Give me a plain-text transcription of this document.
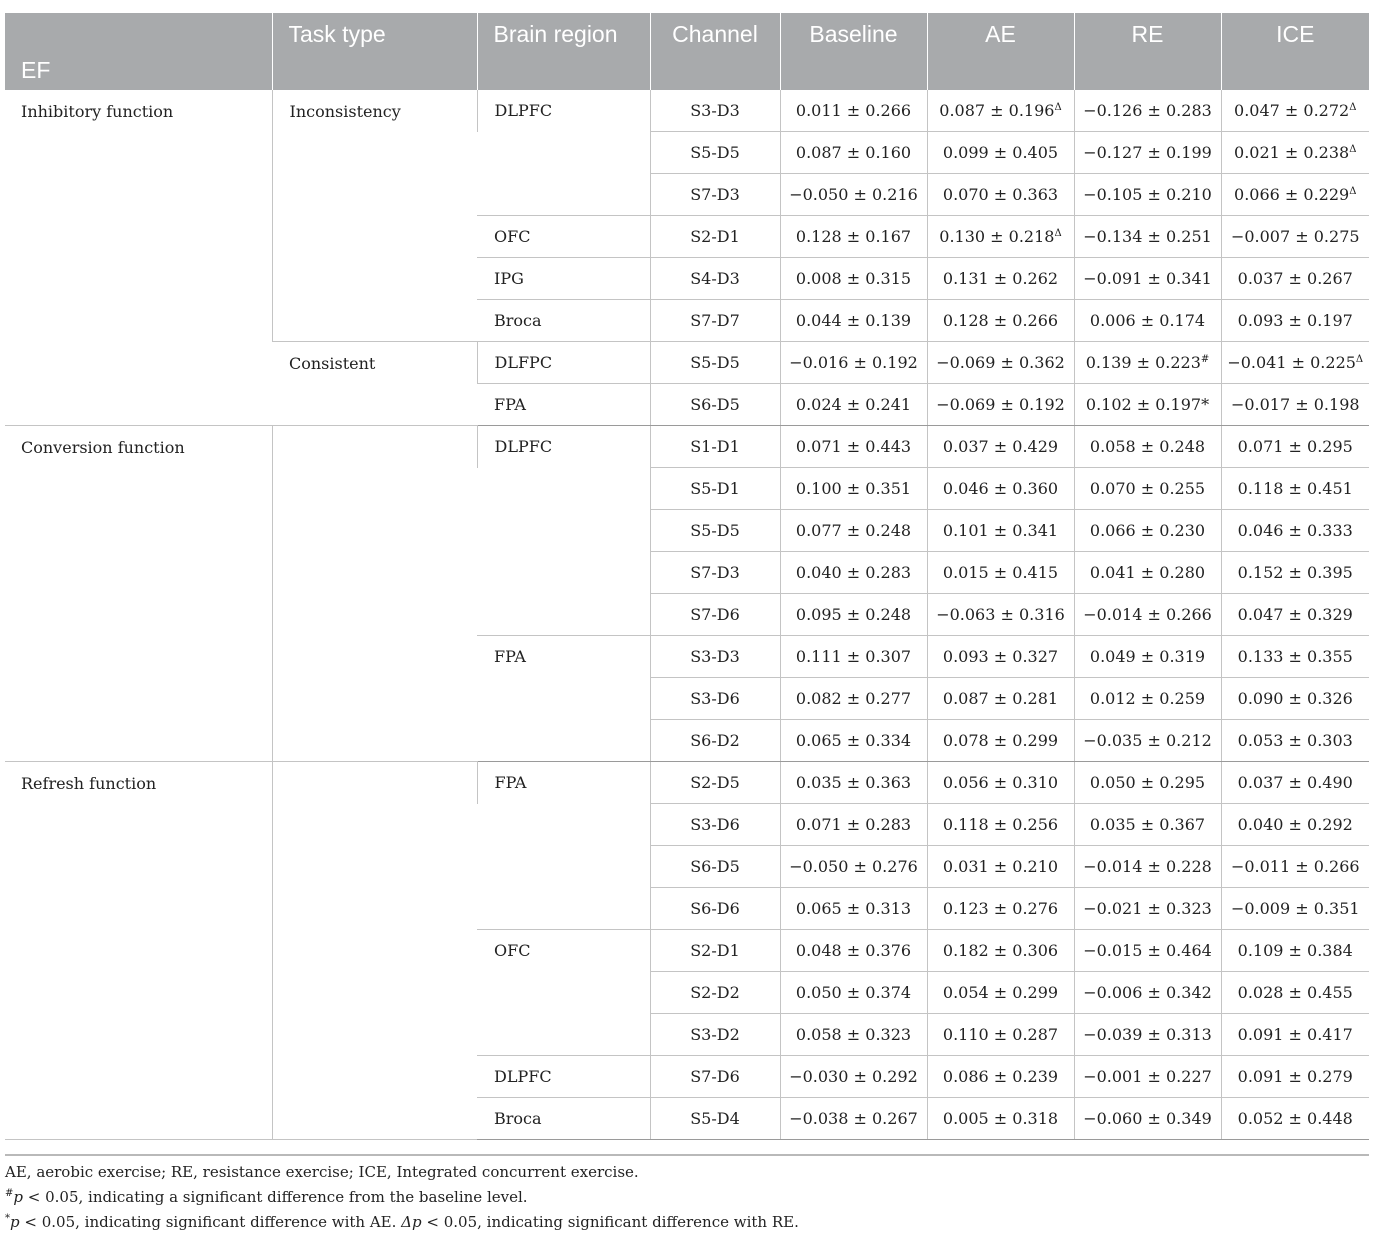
EF	Task type	Brain region	Channel	Baseline	AE	RE	ICE

Inhibitory function	Inconsistency	DLPFC	S3-D3	0.011 ± 0.266	$0.087 \pm 0.196^\Delta$	−0.126 ± 0.283	$0.047 \pm 0.272^\Delta$
			S5-D5	0.087 ± 0.160	0.099 ± 0.405	−0.127 ± 0.199	$0.021 \pm 0.238^\Delta$
			S7-D3	−0.050 ± 0.216	0.070 ± 0.363	−0.105 ± 0.210	$0.066 \pm 0.229^\Delta$
		OFC	S2-D1	0.128 ± 0.167	$0.130 \pm 0.218^\Delta$	−0.134 ± 0.251	−0.007 ± 0.275
		IPG	S4-D3	0.008 ± 0.315	0.131 ± 0.262	−0.091 ± 0.341	0.037 ± 0.267
		Broca	S7-D7	0.044 ± 0.139	0.128 ± 0.266	0.006 ± 0.174	0.093 ± 0.197
	Consistent	DLFPC	S5-D5	−0.016 ± 0.192	−0.069 ± 0.362	0.139 ± 0.223#	$-0.041 \pm 0.225^\Delta$
		FPA	S6-D5	0.024 ± 0.241	−0.069 ± 0.192	0.102 ± 0.197*	−0.017 ± 0.198
Conversion function		DLPFC	S1-D1	0.071 ± 0.443	0.037 ± 0.429	0.058 ± 0.248	0.071 ± 0.295
			S5-D1	0.100 ± 0.351	0.046 ± 0.360	0.070 ± 0.255	0.118 ± 0.451
			S5-D5	0.077 ± 0.248	0.101 ± 0.341	0.066 ± 0.230	0.046 ± 0.333
			S7-D3	0.040 ± 0.283	0.015 ± 0.415	0.041 ± 0.280	0.152 ± 0.395
			S7-D6	0.095 ± 0.248	−0.063 ± 0.316	−0.014 ± 0.266	0.047 ± 0.329
		FPA	S3-D3	0.111 ± 0.307	0.093 ± 0.327	0.049 ± 0.319	0.133 ± 0.355
			S3-D6	0.082 ± 0.277	0.087 ± 0.281	0.012 ± 0.259	0.090 ± 0.326
			S6-D2	0.065 ± 0.334	0.078 ± 0.299	−0.035 ± 0.212	0.053 ± 0.303
Refresh function		FPA	S2-D5	0.035 ± 0.363	0.056 ± 0.310	0.050 ± 0.295	0.037 ± 0.490
			S3-D6	0.071 ± 0.283	0.118 ± 0.256	0.035 ± 0.367	0.040 ± 0.292
			S6-D5	−0.050 ± 0.276	0.031 ± 0.210	−0.014 ± 0.228	−0.011 ± 0.266
			S6-D6	0.065 ± 0.313	0.123 ± 0.276	−0.021 ± 0.323	−0.009 ± 0.351
		OFC	S2-D1	0.048 ± 0.376	0.182 ± 0.306	−0.015 ± 0.464	0.109 ± 0.384
			S2-D2	0.050 ± 0.374	0.054 ± 0.299	−0.006 ± 0.342	0.028 ± 0.455
			S3-D2	0.058 ± 0.323	0.110 ± 0.287	−0.039 ± 0.313	0.091 ± 0.417
		DLPFC	S7-D6	−0.030 ± 0.292	0.086 ± 0.239	−0.001 ± 0.227	0.091 ± 0.279
		Broca	S5-D4	−0.038 ± 0.267	0.005 ± 0.318	−0.060 ± 0.349	0.052 ± 0.448
AE, aerobic exercise; RE, resistance exercise; ICE, Integrated concurrent exercise.
#p < 0.05, indicating a significant difference from the baseline level.
*p < 0.05, indicating significant difference with AE. Δp < 0.05, indicating significant difference with RE.
